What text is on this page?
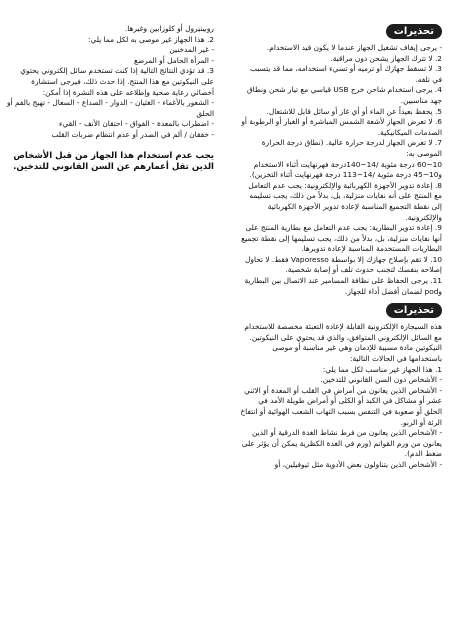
روبينيرول أو كلوزابين وغيرها.

2. هذا الجهاز غير موصى به لكل مما يلي:

- غير المدخنين

- المرأة الحامل أو المرضع

3. قد تؤدي النتائج التالية إذا كنت تستخدم سائل إلكتروني يحتوي على النيكوتين مع هذا المنتج. إذا حدث ذلك، فيرجى استشارة أخصائي رعاية صحية وإطلاعه على هذه النشرة إذا أمكن:

- الشعور بالأغماء - الغثيان - الدوار - الصداع - السعال - تهيج بالفم أو الحلق

- اضطراب بالمعدة - الفواق - احتقان الأنف - القيء

- خفقان / ألم في الصدر أو عدم انتظام ضربات القلب

يجب عدم استخدام هذا الجهاز من قبل الأشخاص الذين تقل أعمارهم عن السن القانوني للتدخين.

تحذيرات

- يرجى إيقاف تشغيل الجهاز عندما لا يكون قيد الاستخدام.

2. لا تترك الجهاز يشحن دون مراقبة.

3. لا تسقط جهازك أو ترميه أو تسيء استخدامه، مما قد يتسبب في تلفه.

4. يرجى استخدام شاحن خرج USB قياسي مع تيار شحن ونطاق جهد مناسبين.

5. يحفظ بعيداً عن الماء أو أي غاز أو سائل قابل للاشتعال.

6. لا تعرض الجهاز لأشعة الشمس المباشرة أو الغبار أو الرطوبة أو الصدمات الميكانيكية.

7. لا تعرض الجهاز لدرجة حرارة عالية. (نطاق درجة الحرارة الموصى به:

10~60 درجة مئوية /14~140درجة فهرنهايت أثناء الاستخدام و10~45 درجة مئوية /14~113 درجة فهرنهايت أثناء التخزين).

8. إعادة تدوير الأجهزة الكهربائية والإلكترونية: يجب عدم التعامل مع المنتج على أنه نفايات منزلية، بل، بدلاً من ذلك، يجب تسليمه إلى نقطة التجميع المناسبة لإعادة تدوير الأجهزة الكهربائية والإلكترونية.

9. إعادة تدوير البطارية: يجب عدم التعامل مع بطارية المنتج على أنها نفايات منزلية، بل، بدلاً من ذلك، يجب تسليمها إلى نقطة تجميع البطاريات المستخدمة المناسبة لإعادة تدويرها.

10. لا تقم بإصلاح جهازك إلا بواسطة Vaporesso فقط. لا تحاول إصلاحه بنفسك لتجنب حدوث تلف أو إصابة شخصية.

11. يرجى الحفاظ على نظافة المسامير عند الاتصال بين البطارية وpod لضمان أفضل أداء للجهاز.

تحذيرات

هذه السيجارة الإلكترونية القابلة لإعادة التعبئة مخصصة للاستخدام مع السائل الإلكتروني المتوافق، والذي قد يحتوي على النيكوتين. النيكوتين مادة مسببة للإدمان وهي غير مناسبة أو موصى باستخدامها في الحالات التالية:

1. هذا الجهاز غير مناسب لكل مما يلي:

- الأشخاص دون السن القانوني للتدخين.

- الأشخاص الذين يعانون من أمراض في القلب أو المعدة أو الاثني عشر أو مشاكل في الكبد أو الكلى أو أمراض طويلة الأمد في الحلق أو صعوبة في التنفس بسبب التهاب الشعب الهوائية أو انتفاخ الرئة أو الربو.

- الأشخاص الذين يعانون من فرط نشاط الغدة الدرقية أو الذين يعانون من ورم القواتم (ورم في الغدة الكظرية يمكن أن يؤثر على ضغط الدم).

- الأشخاص الذين يتناولون بعض الأدوية مثل ثيوفيلين، أو
